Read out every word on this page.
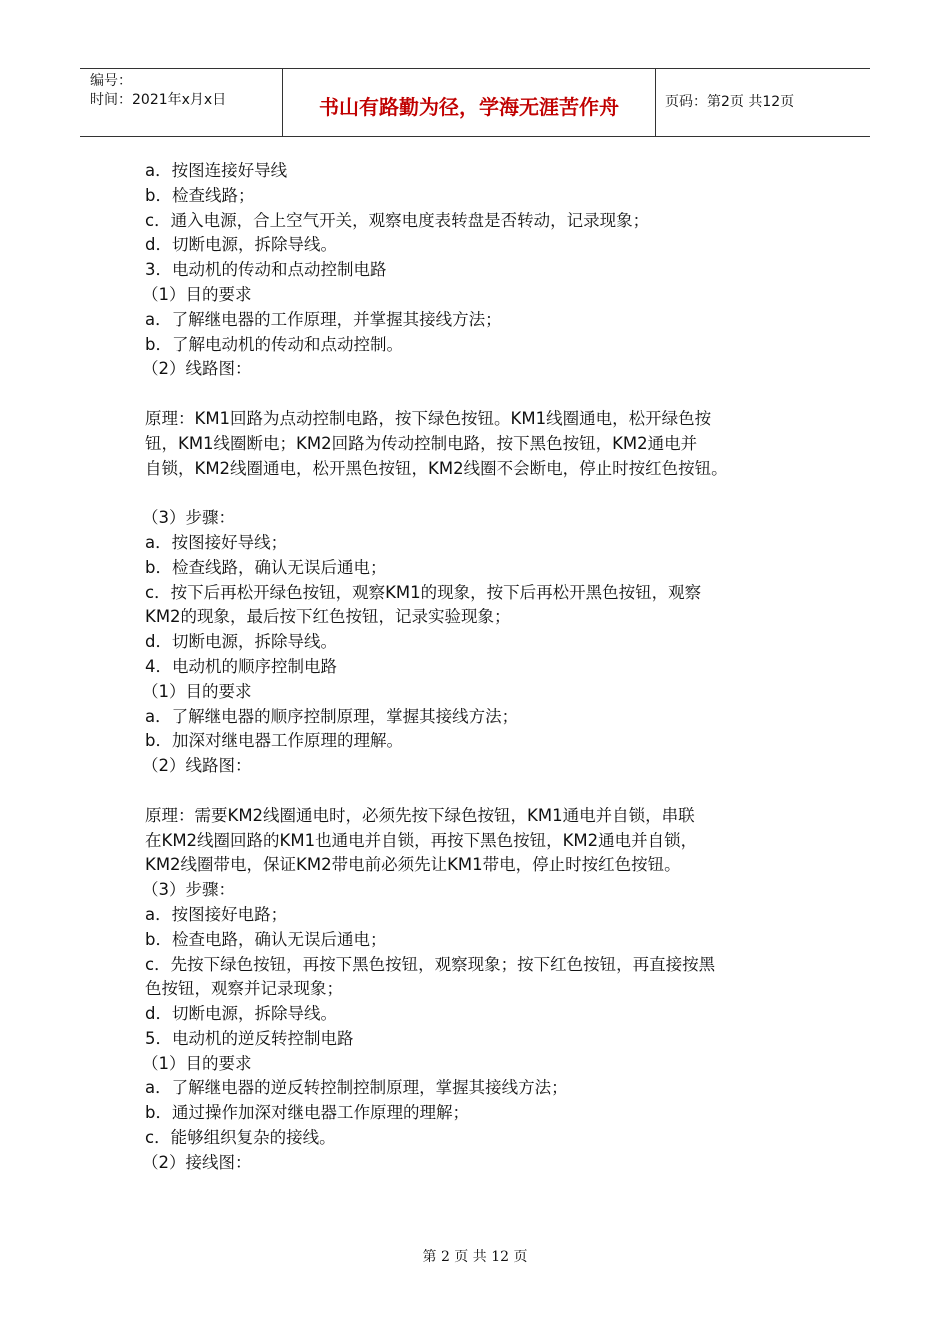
编号：
时间：2021年x月x日	书山有路勤为径，学海无涯苦作舟	页码：第2页 共12页
a．按图连接好导线
b．检查线路；
c．通入电源，合上空气开关，观察电度表转盘是否转动，记录现象；
d．切断电源，拆除导线。
3．电动机的传动和点动控制电路
（1）目的要求
a．了解继电器的工作原理，并掌握其接线方法；
b．了解电动机的传动和点动控制。
（2）线路图：
原理：KM1回路为点动控制电路，按下绿色按钮。KM1线圈通电，松开绿色按
钮，KM1线圈断电；KM2回路为传动控制电路，按下黑色按钮，KM2通电并
自锁，KM2线圈通电，松开黑色按钮，KM2线圈不会断电，停止时按红色按钮。
（3）步骤：
a．按图接好导线；
b．检查线路，确认无误后通电；
c．按下后再松开绿色按钮，观察KM1的现象，按下后再松开黑色按钮，观察
KM2的现象，最后按下红色按钮，记录实验现象；
d．切断电源，拆除导线。
4．电动机的顺序控制电路
（1）目的要求
a．了解继电器的顺序控制原理，掌握其接线方法；
b．加深对继电器工作原理的理解。
（2）线路图：
原理：需要KM2线圈通电时，必须先按下绿色按钮，KM1通电并自锁，串联
在KM2线圈回路的KM1也通电并自锁，再按下黑色按钮，KM2通电并自锁，
KM2线圈带电，保证KM2带电前必须先让KM1带电，停止时按红色按钮。
（3）步骤：
a．按图接好电路；
b．检查电路，确认无误后通电；
c．先按下绿色按钮，再按下黑色按钮，观察现象；按下红色按钮，再直接按黑
色按钮，观察并记录现象；
d．切断电源，拆除导线。
5．电动机的逆反转控制电路
（1）目的要求
a．了解继电器的逆反转控制控制原理，掌握其接线方法；
b．通过操作加深对继电器工作原理的理解；
c．能够组织复杂的接线。
（2）接线图：
第 2 页 共 12 页
